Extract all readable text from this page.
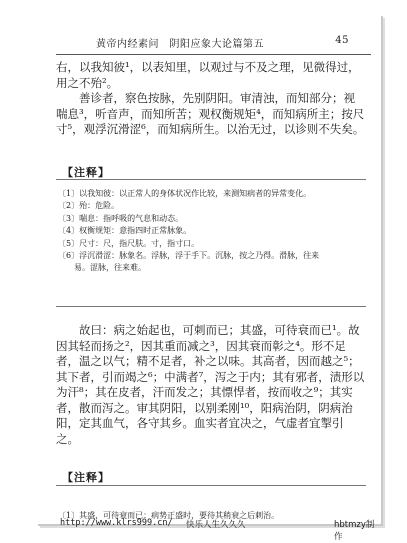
黄帝内经素问　阴阳应象大论篇第五	45

右，以我知彼¹，以表知里，以观过与不及之理，见微得过，用之不殆²。

善诊者，察色按脉，先别阴阳。审清浊，而知部分；视喘息³，听音声，而知所苦；观权衡规矩⁴，而知病所主；按尺寸⁵，观浮沉滑涩⁶，而知病所生。以治无过，以诊则不失矣。

【注释】
〔1〕以我知彼：以正常人的身体状况作比较，来测知病者的异常变化。
〔2〕殆：危险。
〔3〕喘息：指呼吸的气息和动态。
〔4〕权衡规矩：意指四时正常脉象。
〔5〕尺寸：尺，指尺肤。寸，指寸口。
〔6〕浮沉滑涩：脉象名。浮脉，浮于手下。沉脉，按之乃得。滑脉，往来
易。涩脉，往来难。

故曰：病之始起也，可刺而已；其盛，可待衰而已¹。故因其轻而扬之²，因其重而减之³，因其衰而彰之⁴。形不足者，温之以气；精不足者，补之以味。其高者，因而越之⁵；其下者，引而竭之⁶；中满者⁷，泻之于内；其有邪者，渍形以为汗⁸；其在皮者，汗而发之；其慓悍者，按而收之⁹；其实者，散而泻之。审其阴阳，以别柔刚¹⁰，阳病治阴，阴病治阳，定其血气，各守其乡。血实者宜决之，气虚者宜掣引之。

【注释】
〔1〕其盛，可待衰而已：病势正盛时，要待其稍衰之后刺治。
http://www.klrs999.cn/ 快乐人生久久久	hbtmzy制作
